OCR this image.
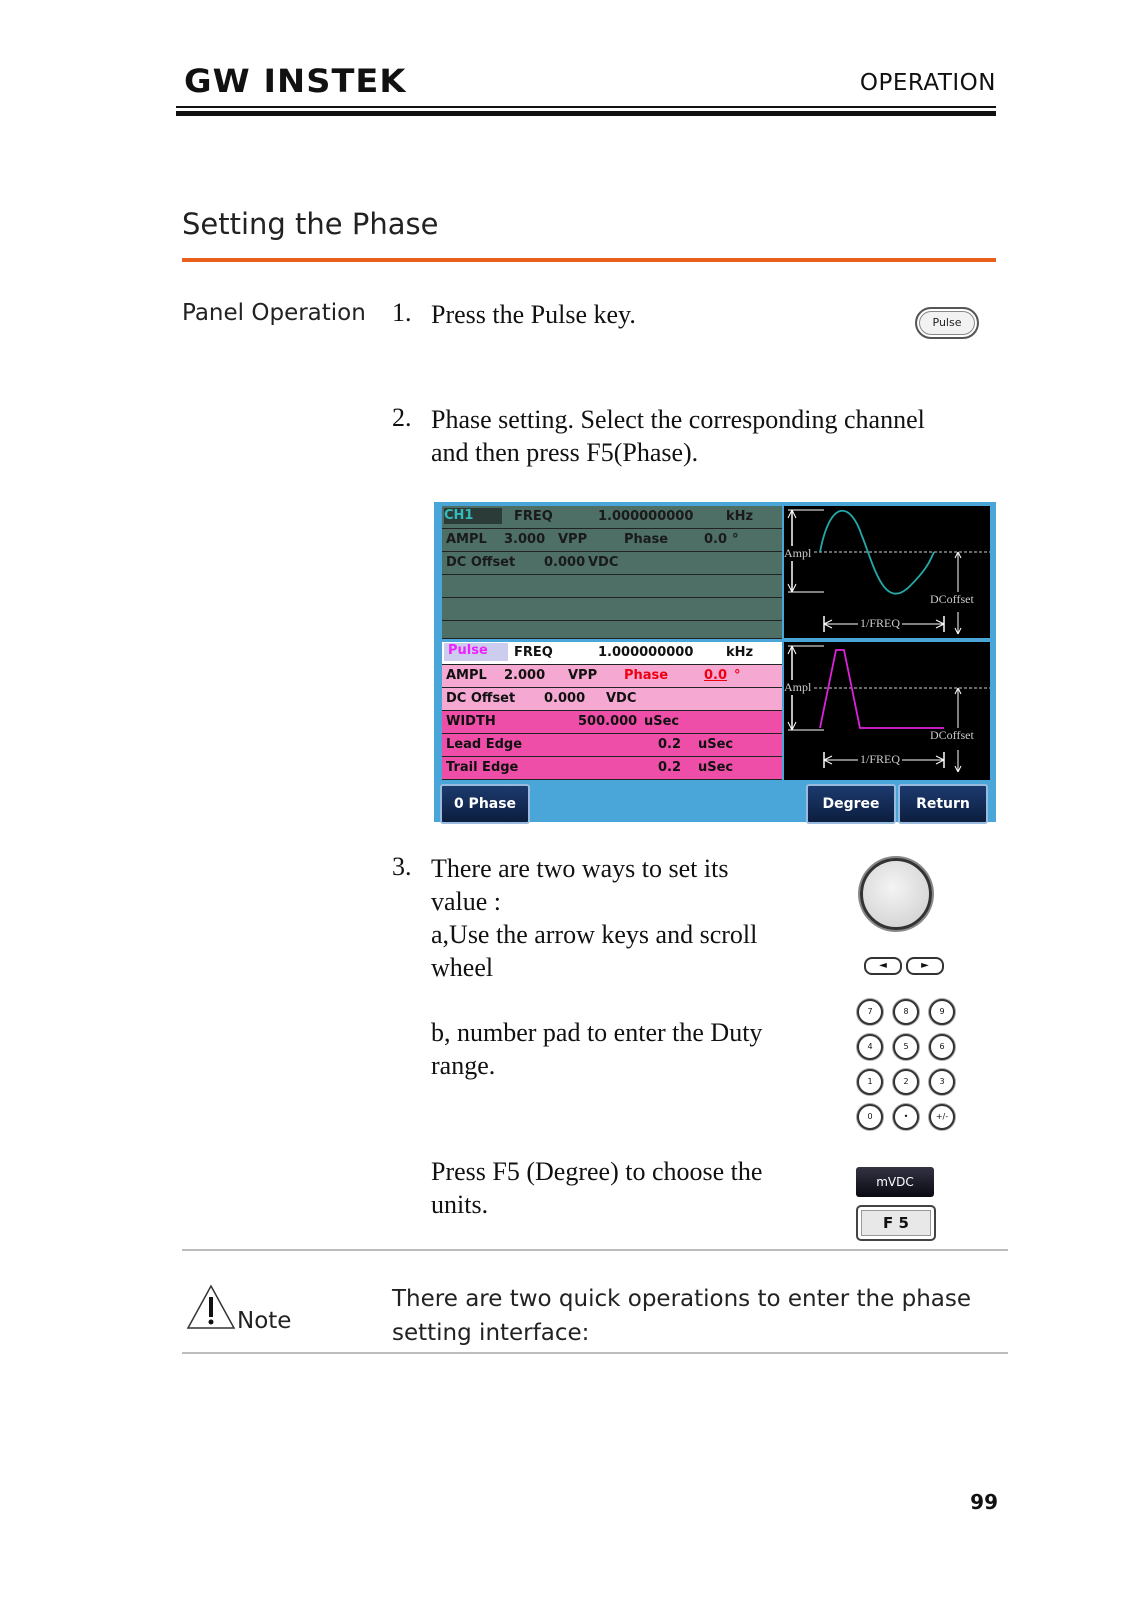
GW INSTEK	OPERATION
Setting the Phase
Panel Operation 1. Press the Pulse key.	Pulse
2. Phase setting. Select the corresponding channel
and then press F5(Phase).
CH1	FREQ	1.000000000	kHz
AMPL 3.000 VPP	Phase	0.0 °
DC Offset 0.000 VDC
Ampl
DCoffset
1/FREQ
Pulse	FREQ	1.000000000	kHz
AMPL 2.000 VPP Phase	0.0 °
DC Offset 0.000 VDC
WIDTH	500.000 uSec
Lead Edge	0.2 uSec
Trail Edge	0.2 uSec
Ampl
DCoffset
1/FREQ
0 Phase	Degree	Return
3. There are two ways to set its
value :
a,Use the arrow keys and scroll
wheel
b, number pad to enter the Duty
range.
◄	►
7	8	9
4	5	6
1	2	3
0	•	+/-
Press F5 (Degree) to choose the
units.
mVDC
F 5
Note
There are two quick operations to enter the phase setting interface:
99
